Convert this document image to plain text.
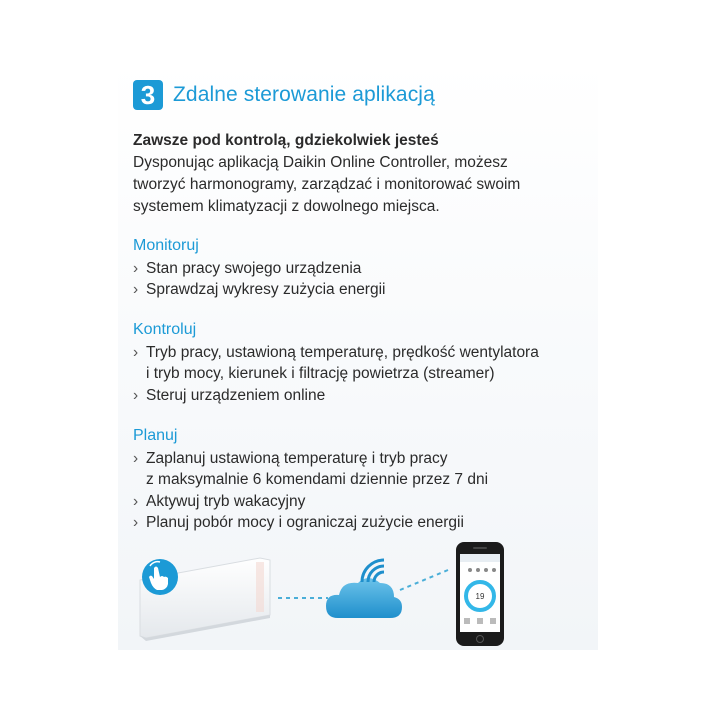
3 Zdalne sterowanie aplikacją
Zawsze pod kontrolą, gdziekolwiek jesteś
Dysponując aplikacją Daikin Online Controller, możesz
tworzyć harmonogramy, zarządzać i monitorować swoim
systemem klimatyzacji z dowolnego miejsca.
Monitoruj
› Stan pracy swojego urządzenia
› Sprawdzaj wykresy zużycia energii
Kontroluj
› Tryb pracy, ustawioną temperaturę, prędkość wentylatora
i tryb mocy, kierunek i filtrację powietrza (streamer)
› Steruj urządzeniem online
Planuj
› Zaplanuj ustawioną temperaturę i tryb pracy
z maksymalnie 6 komendami dziennie przez 7 dni
› Aktywuj tryb wakacyjny
› Planuj pobór mocy i ograniczaj zużycie energii
19
